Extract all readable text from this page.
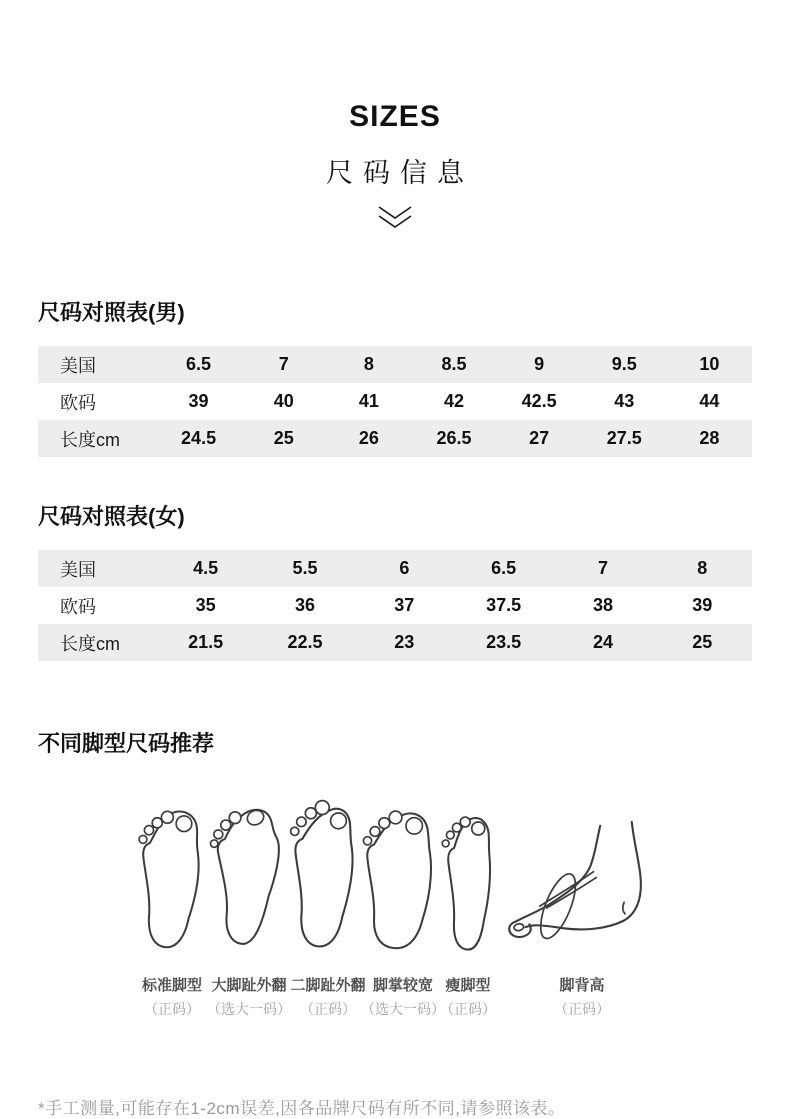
SIZES
尺码信息
尺码对照表(男)
美国	6.5	7	8	8.5	9	9.5	10
欧码	39	40	41	42	42.5	43	44
长度cm	24.5	25	26	26.5	27	27.5	28
尺码对照表(女)
美国	4.5	5.5	6	6.5	7	8
欧码	35	36	37	37.5	38	39
长度cm	21.5	22.5	23	23.5	24	25
不同脚型尺码推荐
标准脚型
（正码）
大脚趾外翻
（选大一码）
二脚趾外翻
（正码）
脚掌较宽
（选大一码）
瘦脚型
（正码）
脚背高
（正码）
*手工测量,可能存在1-2cm误差,因各品牌尺码有所不同,请参照该表。
